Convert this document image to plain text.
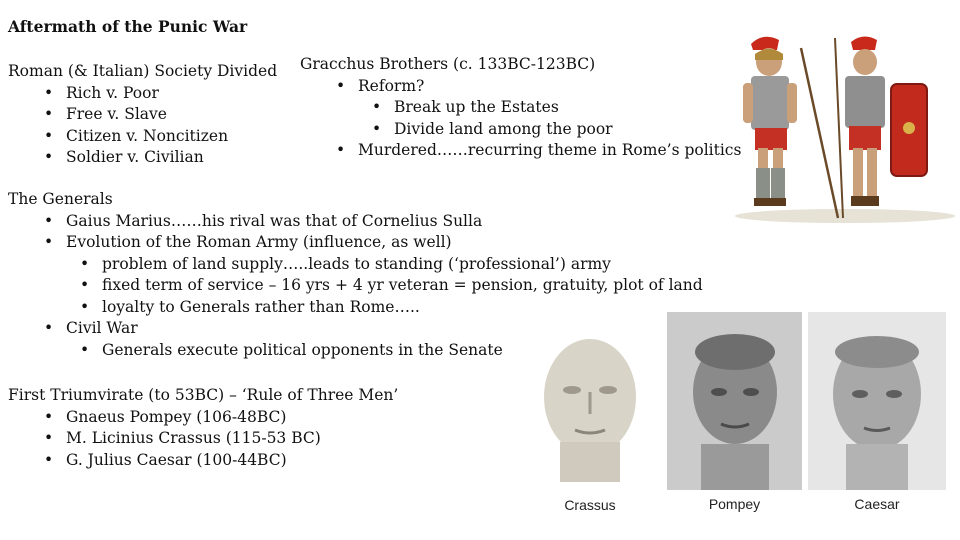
Aftermath of the Punic War
Roman (& Italian) Society Divided
• Rich v. Poor
• Free v. Slave
• Citizen v. Noncitizen
• Soldier v. Civilian
Gracchus Brothers (c. 133BC-123BC)
• Reform?
• Break up the Estates
• Divide land among the poor
• Murdered……recurring theme in Rome’s politics
The Generals
• Gaius Marius……his rival was that of Cornelius Sulla
• Evolution of the Roman Army (influence, as well)
• problem of land supply…..leads to standing (‘professional’) army
• fixed term of service – 16 yrs + 4 yr veteran = pension, gratuity, plot of land
• loyalty to Generals rather than Rome…..
• Civil War
• Generals execute political opponents in the Senate
First Triumvirate (to 53BC) – ‘Rule of Three Men’
• Gnaeus Pompey (106-48BC)
• M. Licinius Crassus (115-53 BC)
• G. Julius Caesar (100-44BC)
Crassus	Pompey	Caesar
